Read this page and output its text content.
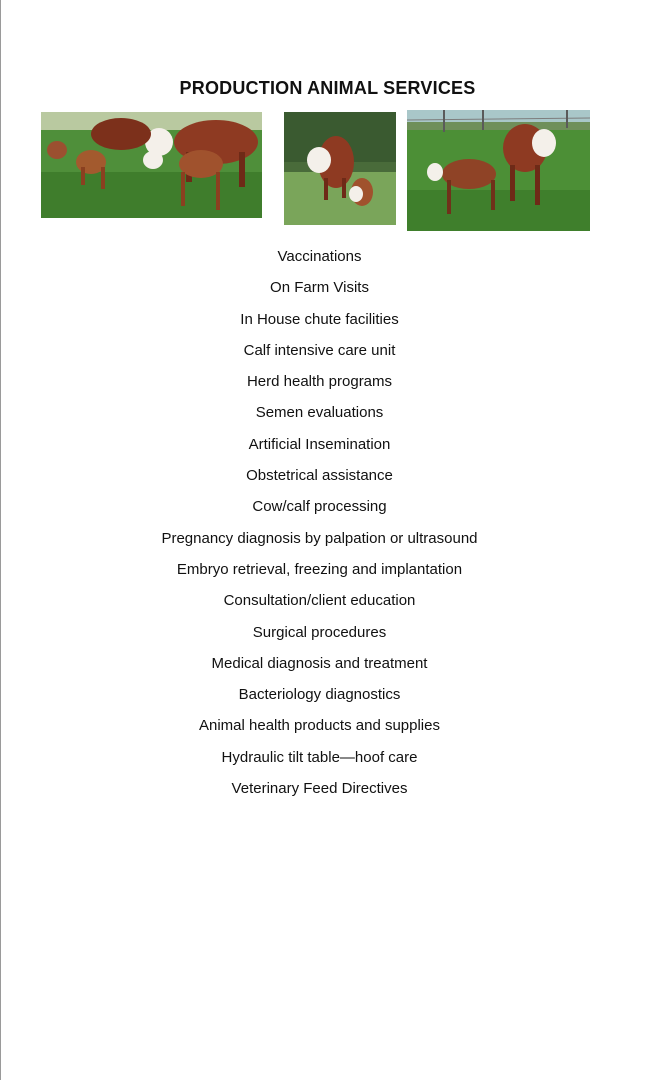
PRODUCTION ANIMAL SERVICES
Vaccinations
On Farm Visits
In House chute facilities
Calf intensive care unit
Herd health programs
Semen evaluations
Artificial Insemination
Obstetrical assistance
Cow/calf processing
Pregnancy diagnosis by palpation or ultrasound
Embryo retrieval, freezing and implantation
Consultation/client education
Surgical procedures
Medical diagnosis and treatment
Bacteriology diagnostics
Animal health products and supplies
Hydraulic tilt table—hoof care
Veterinary Feed Directives
